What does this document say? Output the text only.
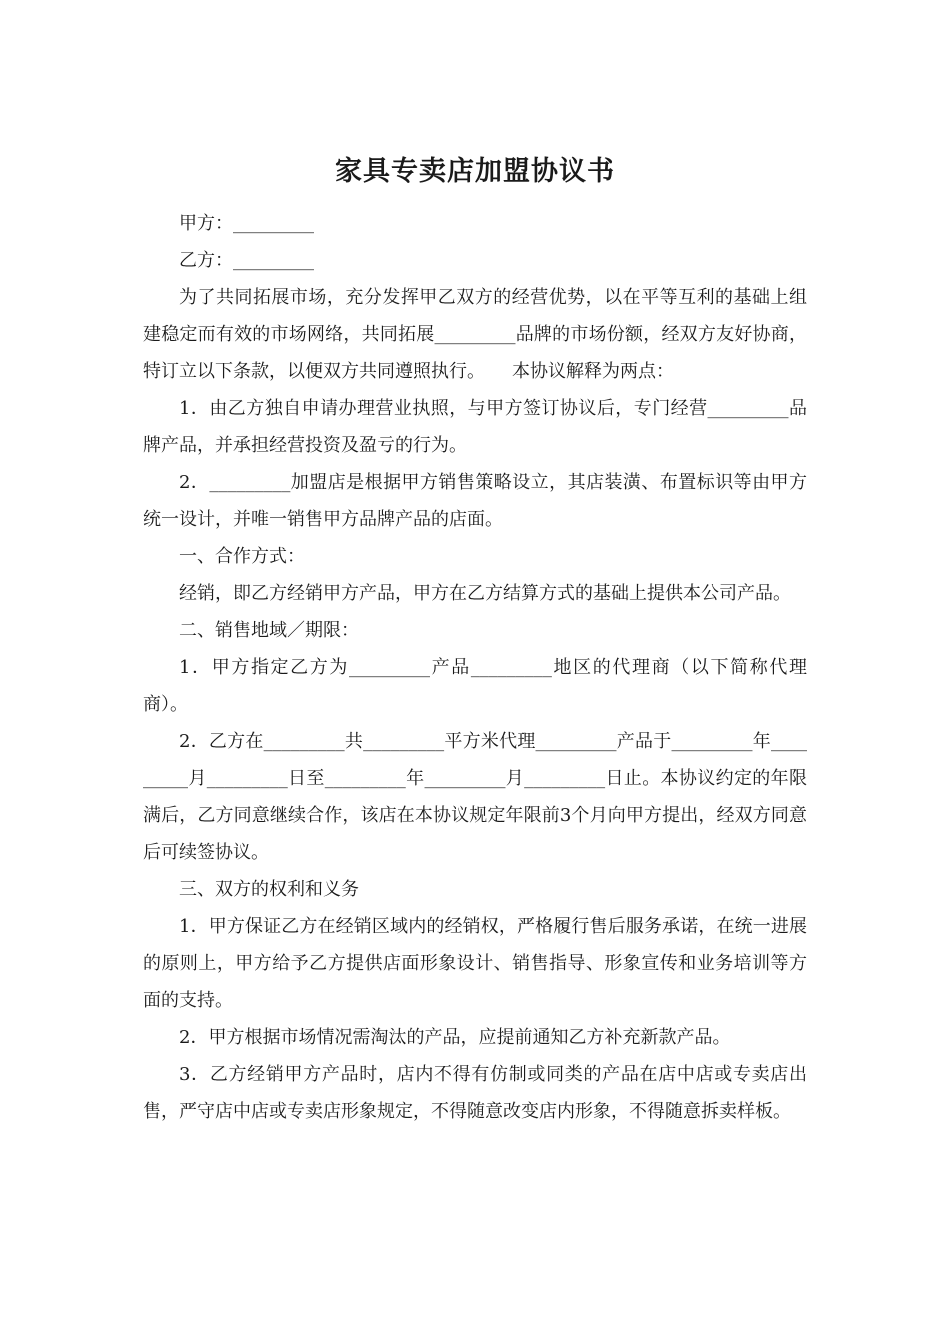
家具专卖店加盟协议书

甲方：_________

乙方：_________

为了共同拓展市场，充分发挥甲乙双方的经营优势，以在平等互利的基础上组建稳定而有效的市场网络，共同拓展_________品牌的市场份额，经双方友好协商，特订立以下条款，以便双方共同遵照执行。　　本协议解释为两点：

1．由乙方独自申请办理营业执照，与甲方签订协议后，专门经营_________品牌产品，并承担经营投资及盈亏的行为。

2．_________加盟店是根据甲方销售策略设立，其店装潢、布置标识等由甲方统一设计，并唯一销售甲方品牌产品的店面。

一、合作方式：

经销，即乙方经销甲方产品，甲方在乙方结算方式的基础上提供本公司产品。

二、销售地域／期限：

1．甲方指定乙方为_________产品_________地区的代理商（以下简称代理商）。

2．乙方在_________共_________平方米代理_________产品于_________年_________月_________日至_________年_________月_________日止。本协议约定的年限满后，乙方同意继续合作，该店在本协议规定年限前3个月向甲方提出，经双方同意后可续签协议。

三、双方的权利和义务

1．甲方保证乙方在经销区域内的经销权，严格履行售后服务承诺，在统一进展的原则上，甲方给予乙方提供店面形象设计、销售指导、形象宣传和业务培训等方面的支持。

2．甲方根据市场情况需淘汰的产品，应提前通知乙方补充新款产品。

3．乙方经销甲方产品时，店内不得有仿制或同类的产品在店中店或专卖店出售，严守店中店或专卖店形象规定，不得随意改变店内形象，不得随意拆卖样板。
